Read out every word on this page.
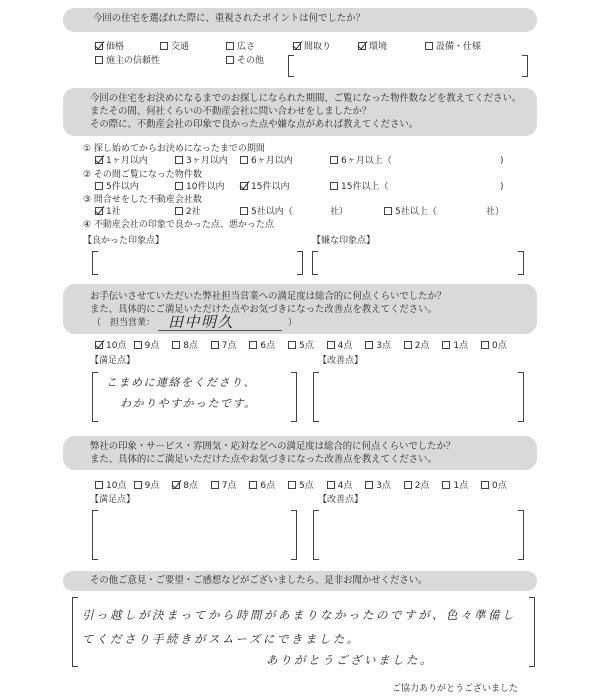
今回の住宅を選ばれた際に、重視されたポイントは何でしたか？
価格	交通	広さ	間取り	環境	設備・仕様
施主の信頼性	その他
今回の住宅をお決めになるまでのお探しになられた期間、ご覧になった物件数などを教えてください。
またその間、何社くらいの不動産会社に問い合わせをしましたか？
その際に、不動産会社の印象で良かった点や嫌な点があれば教えてください。
① 探し始めてからお決めになったまでの期間
1ヶ月以内	3ヶ月以内	6ヶ月以内	6ヶ月以上（	)
② その間ご覧になった物件数
5件以内	10件以内	15件以内	15件以上（	)
③ 問合せをした不動産会社数
1社	2社	5社以内（	5社以上（
社）	社）
④ 不動産会社の印象で良かった点、悪かった点
【良かった印象点】	【嫌な印象点】
お手伝いさせていただいた弊社担当営業への満足度は総合的に何点くらいでしたか？
また、具体的にご満足いただけた点やお気づきになった改善点を教えてください。
（　担当営業： 田中明久	）
10点	9点	8点	7点	6点	5点	4点	3点	2点	1点	0点
【満足点】	【改善点】
こまめに連絡をくださり、
わかりやすかったです。
弊社の印象・サービス・雰囲気・応対などへの満足度は総合的に何点くらいでしたか？
また、具体的にご満足いただけた点やお気づきになった改善点を教えてください。
10点	9点	8点	7点	6点	5点	4点	3点	2点	1点	0点
【満足点】	【改善点】
その他ご意見・ご要望・ご感想などがございましたら、是非お聞かせください。
引っ越しが決まってから時間があまりなかったのですが、色々準備してくださり手続きがスムーズにできました。
ありがとうございました。
ご協力ありがとうございました
